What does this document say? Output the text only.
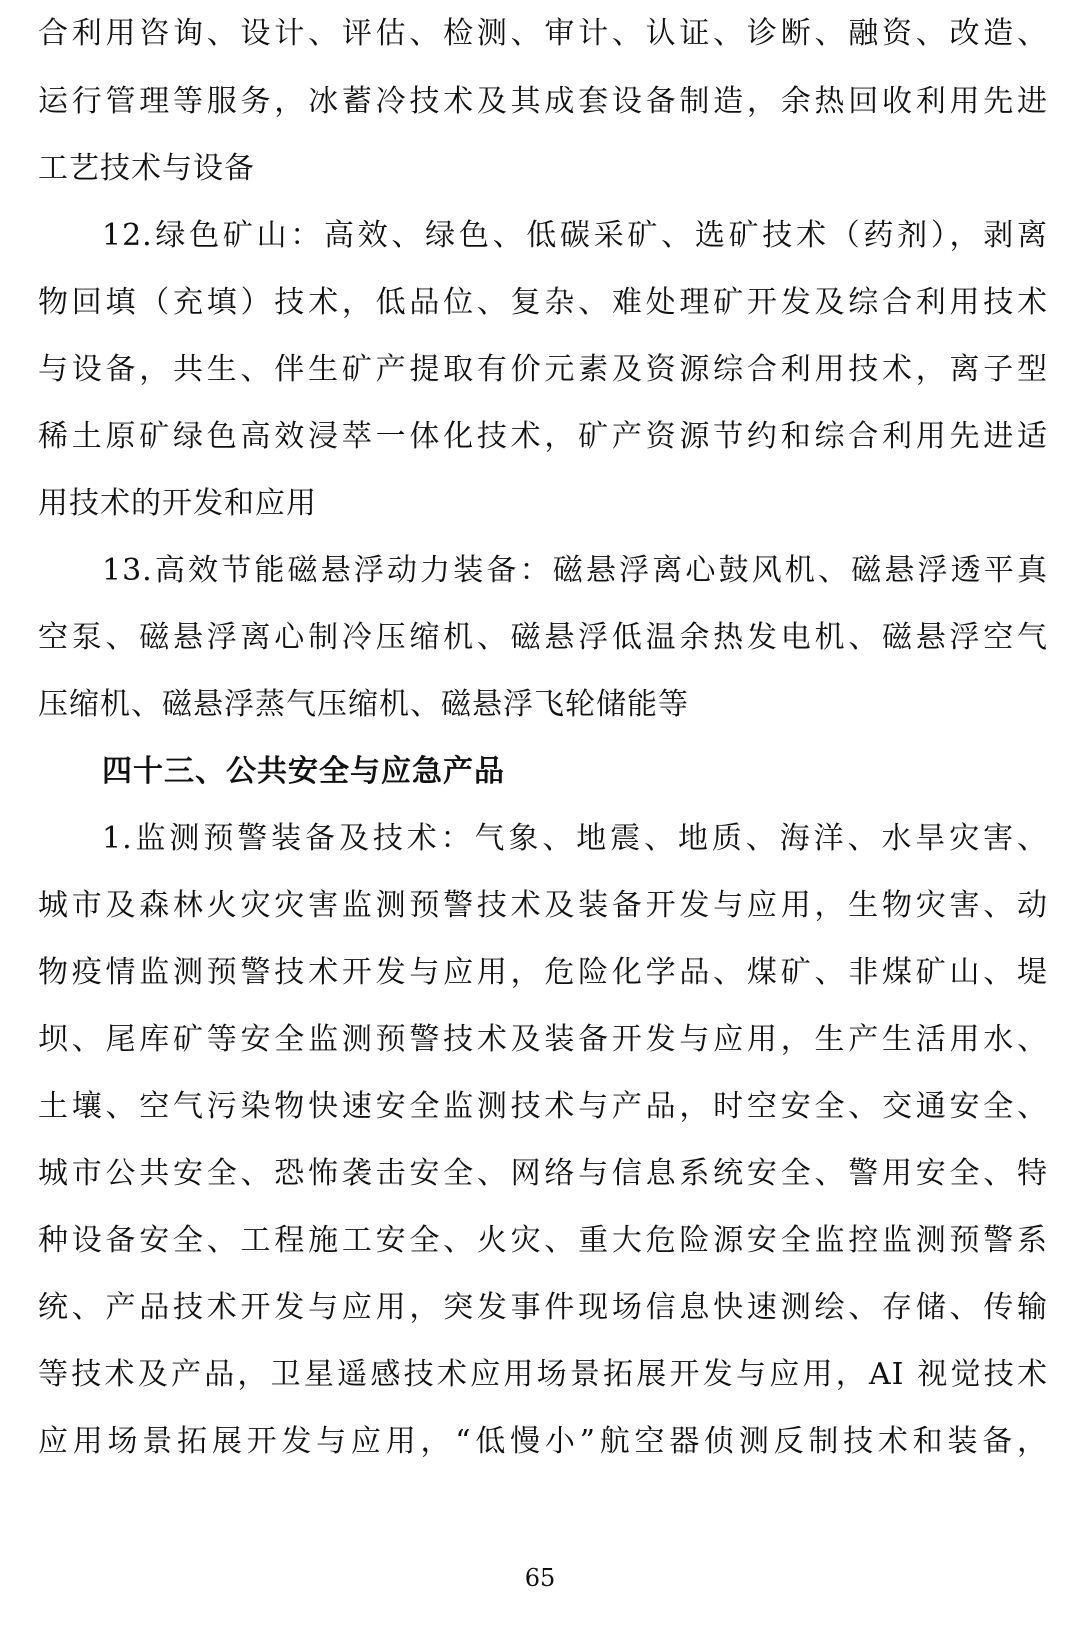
合利用咨询、设计、评估、检测、审计、认证、诊断、融资、改造、
运行管理等服务，冰蓄冷技术及其成套设备制造，余热回收利用先进
工艺技术与设备
12.绿色矿山：高效、绿色、低碳采矿、选矿技术（药剂），剥离
物回填（充填）技术，低品位、复杂、难处理矿开发及综合利用技术
与设备，共生、伴生矿产提取有价元素及资源综合利用技术，离子型
稀土原矿绿色高效浸萃一体化技术，矿产资源节约和综合利用先进适
用技术的开发和应用
13.高效节能磁悬浮动力装备：磁悬浮离心鼓风机、磁悬浮透平真
空泵、磁悬浮离心制冷压缩机、磁悬浮低温余热发电机、磁悬浮空气
压缩机、磁悬浮蒸气压缩机、磁悬浮飞轮储能等
四十三、公共安全与应急产品
1.监测预警装备及技术：气象、地震、地质、海洋、水旱灾害、
城市及森林火灾灾害监测预警技术及装备开发与应用，生物灾害、动
物疫情监测预警技术开发与应用，危险化学品、煤矿、非煤矿山、堤
坝、尾库矿等安全监测预警技术及装备开发与应用，生产生活用水、
土壤、空气污染物快速安全监测技术与产品，时空安全、交通安全、
城市公共安全、恐怖袭击安全、网络与信息系统安全、警用安全、特
种设备安全、工程施工安全、火灾、重大危险源安全监控监测预警系
统、产品技术开发与应用，突发事件现场信息快速测绘、存储、传输
等技术及产品，卫星遥感技术应用场景拓展开发与应用，AI 视觉技术
应用场景拓展开发与应用，“低慢小”航空器侦测反制技术和装备，
65
